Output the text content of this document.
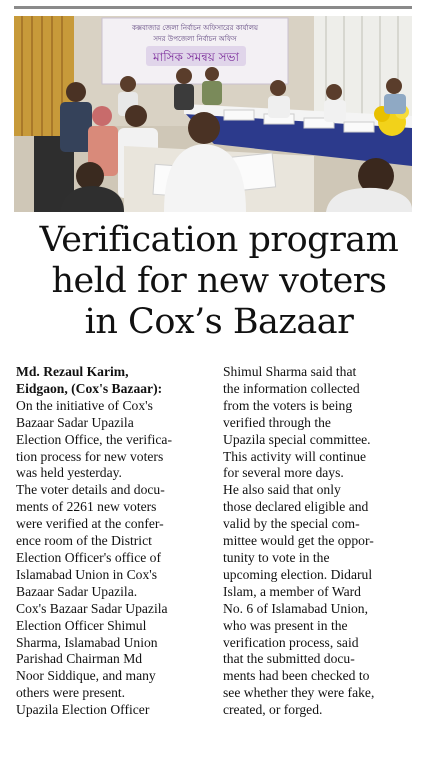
কক্সবাজার জেলা নির্বাচন অফিসারের কার্যালয়
সদর উপজেলা নির্বাচন অফিস
মাসিক সমন্বয় সভা
Verification program
held for new voters
in Cox’s Bazaar
Md. Rezaul Karim,
Eidgaon, (Cox's Bazaar):
On the initiative of Cox's
Bazaar Sadar Upazila
Election Office, the verifica-
tion process for new voters
was held yesterday.
The voter details and docu-
ments of 2261 new voters
were verified at the confer-
ence room of the District
Election Officer's office of
Islamabad Union in Cox's
Bazaar Sadar Upazila.
Cox's Bazaar Sadar Upazila
Election Officer Shimul
Sharma, Islamabad Union
Parishad Chairman Md
Noor Siddique, and many
others were present.
Upazila Election Officer
Shimul Sharma said that
the information collected
from the voters is being
verified through the
Upazila special committee.
This activity will continue
for several more days.
He also said that only
those declared eligible and
valid by the special com-
mittee would get the oppor-
tunity to vote in the
upcoming election. Didarul
Islam, a member of Ward
No. 6 of Islamabad Union,
who was present in the
verification process, said
that the submitted docu-
ments had been checked to
see whether they were fake,
created, or forged.
